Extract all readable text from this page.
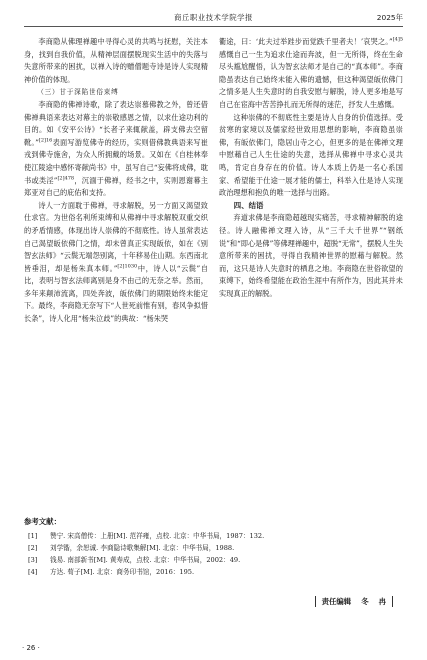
商丘职业技术学院学报	2025年

李商隐从佛理禅趣中寻得心灵的共鸣与抚慰，关注本身，找到自我价值，从精神层面摆脱现实生活中的失落与失意所带来的困扰，以禅入诗的赠僧题寺诗是诗人实现精神价值的体现。

（三）甘于深陷世俗束缚

李商隐的佛禅诗歌，除了表达崇慕佛教之外，曾还借佛禅典语来表达对幕主的崇敬感恩之情，以求仕途功利的目的。如《安平公诗》“长者子来辄献盖，辟支佛去空留靴。”$^{[2]16}$表面写游览佛寺的经历，实则借佛教典语来写崔戎到佛寺施舍，为众人所拥戴的场景。又如在《自桂林奉使江陵途中感怀寄献尚书》中，虽写自己“妄佛将成佛，耽书或类淫”$^{[2]478}$，沉湎于佛禅，经书之中，实则恩谢幕主郑亚对自己的庇佑和支持。

诗人一方面耽于佛禅，寻求解脱，另一方面又渴望致仕求官。为世俗名利所束缚和从佛禅中寻求解脱双重交织的矛盾情感，体现出诗人崇佛的不彻底性。诗人虽常表达自己渴望皈依佛门之情，却未曾真正实现皈依，如在《别智玄法师》“云鬓无端怨别离，十年移易住山期。东西南北皆垂泪，却是杨朱真本师。”$^{[2]1030}$中，诗人以“云鬓”自比，表明与智玄法师离别是身不由己的无奈之举。然而，多年来颠沛流离，四处奔波，皈依佛门的期限始终未能定下。最终，李商隐无奈写下“人世死前惟有别，春风争拟惜长条”，诗人化用“杨朱泣歧”的典故：“杨朱哭

衢途，曰：‘此夫过举跬步而觉跌千里者夫！’哀哭之。”$^{[4]5}$感慨自己一生为追求仕途而奔波，但一无所得，终在生命尽头尴尬醒悟，认为智玄法师才是自己的“真本师”。李商隐虽表达自己始终未能入佛的遗憾，但这种渴望皈依佛门之情多是人生失意时的自我安慰与解脱，诗人更多地是写自己在宦海中苦苦挣扎而无所得的迷茫，抒发人生感慨。

这种崇佛的不彻底性主要是诗人自身的价值选择。受贫寒的家境以及儒家经世致用思想的影响，李商隐虽崇佛，有皈依佛门，隐居山寺之心，但更多的是在佛禅文理中慰藉自己人生仕途的失意，选择从佛禅中寻求心灵共鸣，肯定自身存在的价值。诗人本质上仍是一名心系国家、希望能于仕途一展才能的儒士，科举入仕是诗人实现政治理想和抱负的唯一选择与出路。

四、结语

弃道求佛是李商隐超越现实痛苦，寻求精神解脱的途径。诗人融佛禅文理入诗，从“三千大千世界”“钢纸说”和“即心是佛”等佛理禅趣中，超脱“无常”，摆脱人生失意所带来的困扰，寻得自我精神世界的慰藉与解脱。然而，这只是诗人失意时的栖息之地。李商隐在世俗欲望的束缚下，始终希望能在政治生涯中有所作为，因此其并未实现真正的解脱。

参考文献：
[1]	赞宁. 宋高僧传：上册[M]. 范祥雍，点校. 北京：中华书局，1987：132.
[2]	刘学锴，余恕诚. 李商隐诗歌集解[M]. 北京：中华书局，1988.
[3]	钱易. 南部新书[M]. 黄寿成，点校. 北京：中华书局，2002：49.
[4]	方达. 荀子[M]. 北京：商务印书馆，2016：195.
责任编辑 冬 冉
· 26 ·
